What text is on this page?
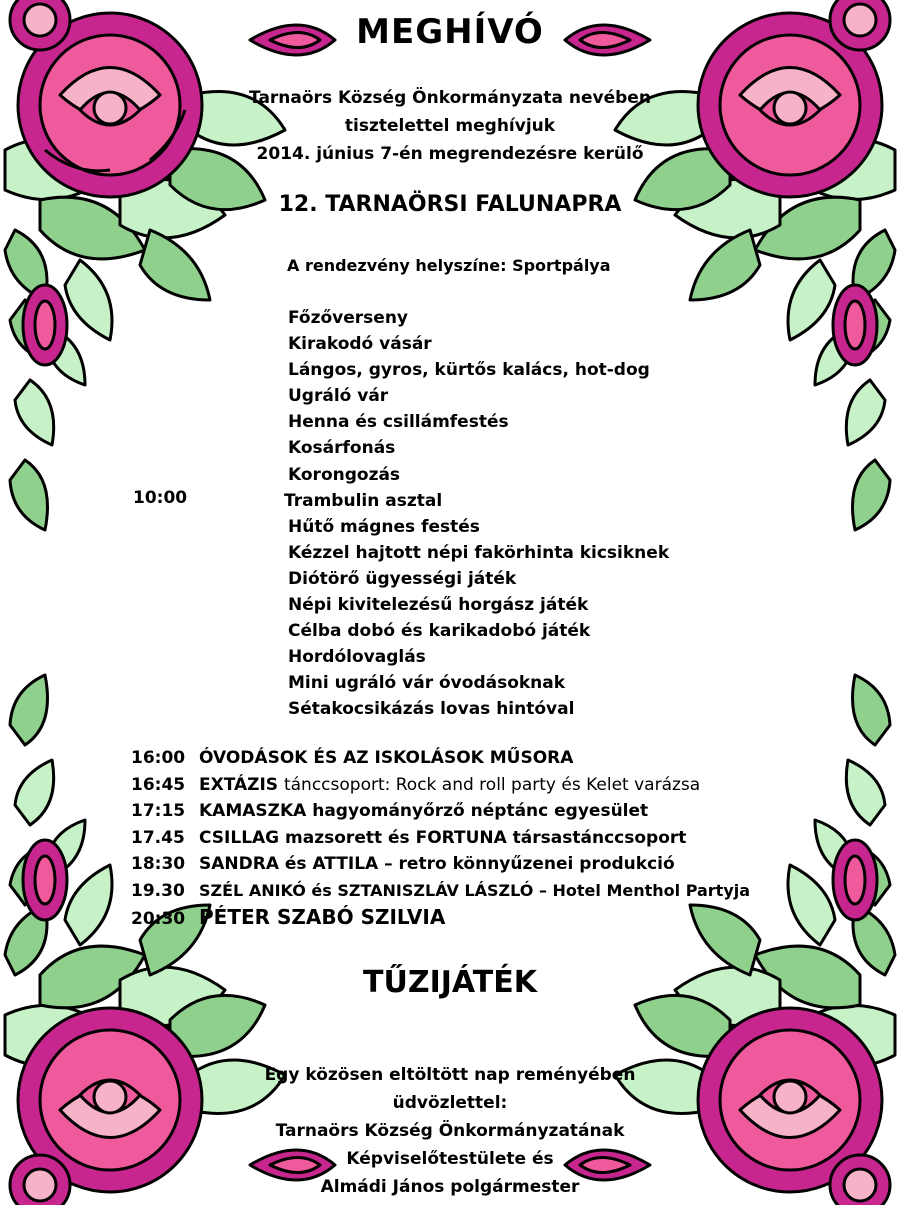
MEGHÍVÓ
Tarnaörs Község Önkormányzata nevében
tisztelettel meghívjuk
2014. június 7-én megrendezésre kerülő
12. TARNAÖRSI FALUNAPRA
A rendezvény helyszíne: Sportpálya
Főzőverseny
Kirakodó vásár
Lángos, gyros, kürtős kalács, hot-dog
Ugráló vár
Henna és csillámfestés
Kosárfonás
Korongozás
Trambulin asztal
Hűtő mágnes festés
Kézzel hajtott népi fakörhinta kicsiknek
Diótörő ügyességi játék
Népi kivitelezésű horgász játék
Célba dobó és karikadobó játék
Hordólovaglás
Mini ugráló vár óvodásoknak
Sétakocsikázás lovas hintóval
10:00
16:00 ÓVODÁSOK ÉS AZ ISKOLÁSOK MŰSORA
16:45 EXTÁZIS tánccsoport: Rock and roll party és Kelet varázsa
17:15 KAMASZKA hagyományőrző néptánc egyesület
17.45 CSILLAG mazsorett és FORTUNA társastánccsoport
18:30 SANDRA és ATTILA – retro könnyűzenei produkció
19.30 SZÉL ANIKÓ és SZTANISZLÁV LÁSZLÓ – Hotel Menthol Partyja
20:30 PÉTER SZABÓ SZILVIA
TŰZIJÁTÉK
Egy közösen eltöltött nap reményében
üdvözlettel:
Tarnaörs Község Önkormányzatának
Képviselőtestülete és
Almádi János polgármester
